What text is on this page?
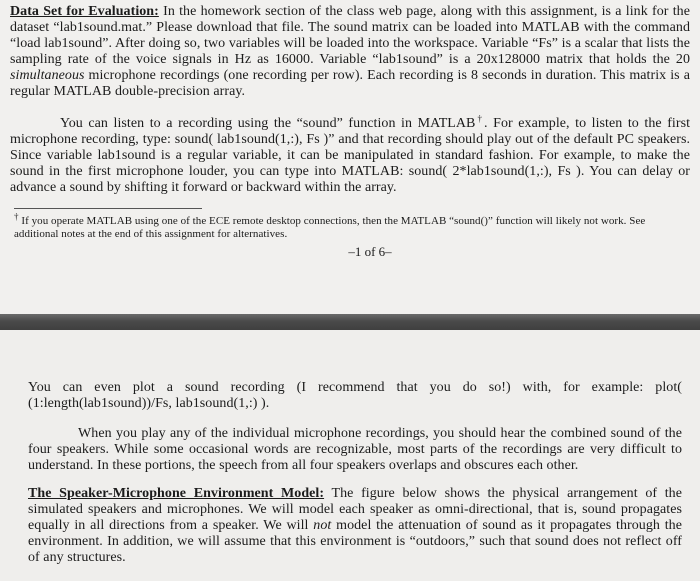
Data Set for Evaluation: In the homework section of the class web page, along with this assignment, is a link for the dataset “lab1sound.mat.” Please download that file. The sound matrix can be loaded into MATLAB with the command “load lab1sound”. After doing so, two variables will be loaded into the workspace. Variable “Fs” is a scalar that lists the sampling rate of the voice signals in Hz as 16000. Variable “lab1sound” is a 20x128000 matrix that holds the 20 simultaneous microphone recordings (one recording per row). Each recording is 8 seconds in duration. This matrix is a regular MATLAB double-precision array.

You can listen to a recording using the “sound” function in MATLAB†. For example, to listen to the first microphone recording, type: sound( lab1sound(1,:), Fs )” and that recording should play out of the default PC speakers. Since variable lab1sound is a regular variable, it can be manipulated in standard fashion. For example, to make the sound in the first microphone louder, you can type into MATLAB: sound( 2*lab1sound(1,:), Fs ). You can delay or advance a sound by shifting it forward or backward within the array.

† If you operate MATLAB using one of the ECE remote desktop connections, then the MATLAB “sound()” function will likely not work. See additional notes at the end of this assignment for alternatives.

–1 of 6–

You can even plot a sound recording (I recommend that you do so!) with, for example: plot( (1:length(lab1sound))/Fs, lab1sound(1,:) ).

When you play any of the individual microphone recordings, you should hear the combined sound of the four speakers. While some occasional words are recognizable, most parts of the recordings are very difficult to understand. In these portions, the speech from all four speakers overlaps and obscures each other.

The Speaker-Microphone Environment Model: The figure below shows the physical arrangement of the simulated speakers and microphones. We will model each speaker as omni-directional, that is, sound propagates equally in all directions from a speaker. We will not model the attenuation of sound as it propagates through the environment. In addition, we will assume that this environment is “outdoors,” such that sound does not reflect off of any structures.
